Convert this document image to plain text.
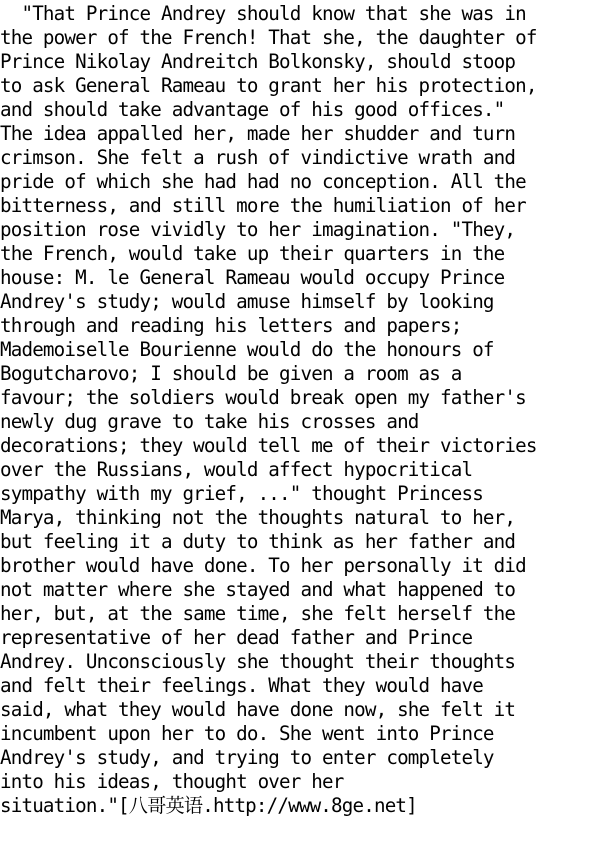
"That Prince Andrey should know that she was in
the power of the French! That she, the daughter of
Prince Nikolay Andreitch Bolkonsky, should stoop
to ask General Rameau to grant her his protection,
and should take advantage of his good offices."
The idea appalled her, made her shudder and turn
crimson. She felt a rush of vindictive wrath and
pride of which she had had no conception. All the
bitterness, and still more the humiliation of her
position rose vividly to her imagination. "They,
the French, would take up their quarters in the
house: M. le General Rameau would occupy Prince
Andrey's study; would amuse himself by looking
through and reading his letters and papers;
Mademoiselle Bourienne would do the honours of
Bogutcharovo; I should be given a room as a
favour; the soldiers would break open my father's
newly dug grave to take his crosses and
decorations; they would tell me of their victories
over the Russians, would affect hypocritical
sympathy with my grief, ..." thought Princess
Marya, thinking not the thoughts natural to her,
but feeling it a duty to think as her father and
brother would have done. To her personally it did
not matter where she stayed and what happened to
her, but, at the same time, she felt herself the
representative of her dead father and Prince
Andrey. Unconsciously she thought their thoughts
and felt their feelings. What they would have
said, what they would have done now, she felt it
incumbent upon her to do. She went into Prince
Andrey's study, and trying to enter completely
into his ideas, thought over her
situation."[八哥英语.http://www.8ge.net]
